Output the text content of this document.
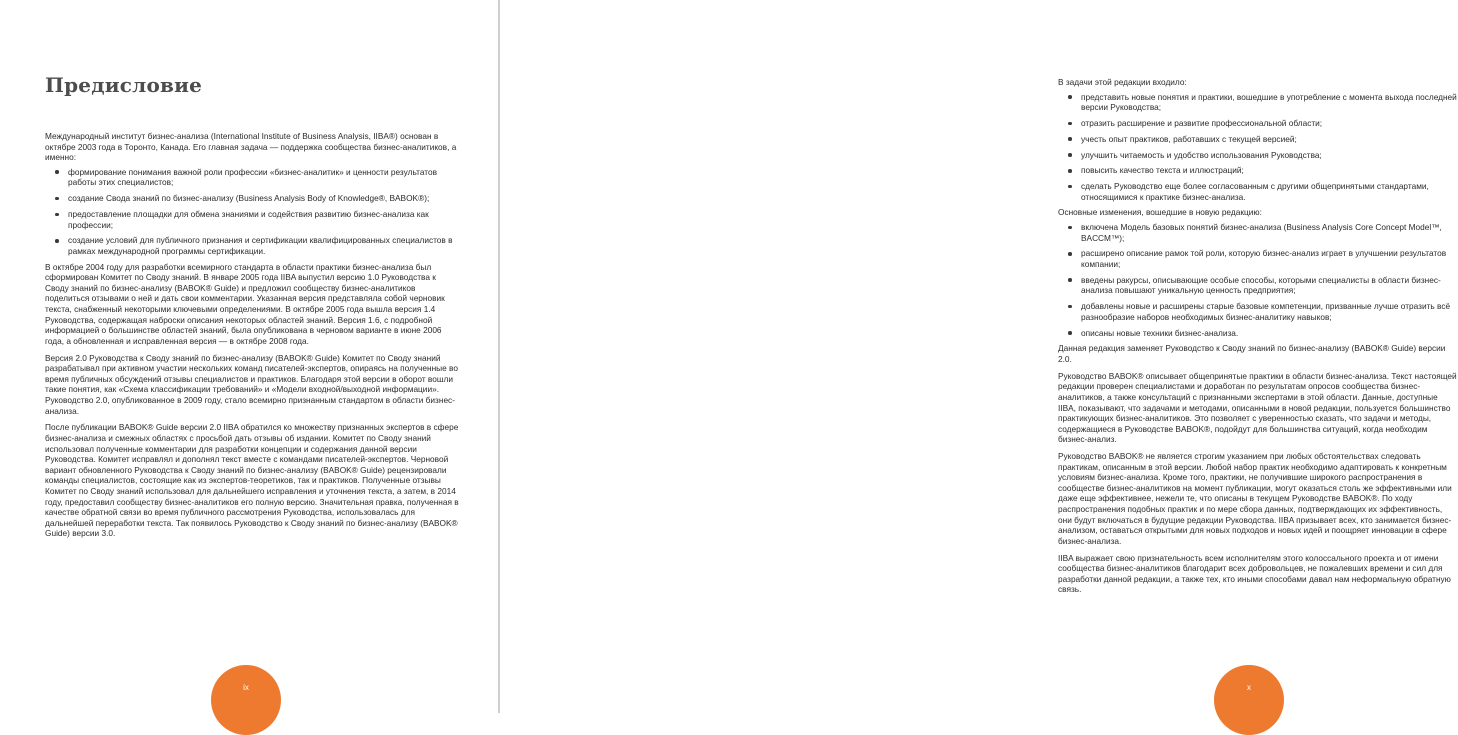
Предисловие

Международный институт бизнес-анализа (International Institute of Business Analysis, IIBA®) основан в октябре 2003 года в Торонто, Канада. Его главная задача — поддержка сообщества бизнес-аналитиков, а именно:

формирование понимания важной роли профессии «бизнес-аналитик» и ценности результатов работы этих специалистов;
создание Свода знаний по бизнес-анализу (Business Analysis Body of Knowledge®, BABOK®);
предоставление площадки для обмена знаниями и содействия развитию бизнес-анализа как профессии;
создание условий для публичного признания и сертификации квалифицированных специалистов в рамках международной программы сертификации.

В октябре 2004 году для разработки всемирного стандарта в области практики бизнес-анализа был сформирован Комитет по Своду знаний. В январе 2005 года IIBA выпустил версию 1.0 Руководства к Своду знаний по бизнес-анализу (BABOK® Guide) и предложил сообществу бизнес-аналитиков поделиться отзывами о ней и дать свои комментарии. Указанная версия представляла собой черновик текста, снабженный некоторыми ключевыми определениями. В октябре 2005 года вышла версия 1.4 Руководства, содержащая наброски описания некоторых областей знаний. Версия 1.6, с подробной информацией о большинстве областей знаний, была опубликована в черновом варианте в июне 2006 года, а обновленная и исправленная версия — в октябре 2008 года.

Версия 2.0 Руководства к Своду знаний по бизнес-анализу (BABOK® Guide) Комитет по Своду знаний разрабатывал при активном участии нескольких команд писателей-экспертов, опираясь на полученные во время публичных обсуждений отзывы специалистов и практиков. Благодаря этой версии в оборот вошли такие понятия, как «Схема классификации требований» и «Модели входной/выходной информации». Руководство 2.0, опубликованное в 2009 году, стало всемирно признанным стандартом в области бизнес-анализа.

После публикации BABOK® Guide версии 2.0 IIBA обратился ко множеству признанных экспертов в сфере бизнес-анализа и смежных областях с просьбой дать отзывы об издании. Комитет по Своду знаний использовал полученные комментарии для разработки концепции и содержания данной версии Руководства. Комитет исправлял и дополнял текст вместе с командами писателей-экспертов. Черновой вариант обновленного Руководства к Своду знаний по бизнес-анализу (BABOK® Guide) рецензировали команды специалистов, состоящие как из экспертов-теоретиков, так и практиков. Полученные отзывы Комитет по Своду знаний использовал для дальнейшего исправления и уточнения текста, а затем, в 2014 году, предоставил сообществу бизнес-аналитиков его полную версию. Значительная правка, полученная в качестве обратной связи во время публичного рассмотрения Руководства, использовалась для дальнейшей переработки текста. Так появилось Руководство к Своду знаний по бизнес-анализу (BABOK® Guide) версии 3.0.

ix

В задачи этой редакции входило:

представить новые понятия и практики, вошедшие в употребление с момента выхода последней версии Руководства;
отразить расширение и развитие профессиональной области;
учесть опыт практиков, работавших с текущей версией;
улучшить читаемость и удобство использования Руководства;
повысить качество текста и иллюстраций;
сделать Руководство еще более согласованным с другими общепринятыми стандартами, относящимися к практике бизнес-анализа.

Основные изменения, вошедшие в новую редакцию:

включена Модель базовых понятий бизнес-анализа (Business Analysis Core Concept Model™, BACCM™);
расширено описание рамок той роли, которую бизнес-анализ играет в улучшении результатов компании;
введены ракурсы, описывающие особые способы, которыми специалисты в области бизнес-анализа повышают уникальную ценность предприятия;
добавлены новые и расширены старые базовые компетенции, призванные лучше отразить всё разнообразие наборов необходимых бизнес-аналитику навыков;
описаны новые техники бизнес-анализа.

Данная редакция заменяет Руководство к Своду знаний по бизнес-анализу (BABOK® Guide) версии 2.0.

Руководство BABOK® описывает общепринятые практики в области бизнес-анализа. Текст настоящей редакции проверен специалистами и доработан по результатам опросов сообщества бизнес-аналитиков, а также консультаций с признанными экспертами в этой области. Данные, доступные IIBA, показывают, что задачами и методами, описанными в новой редакции, пользуется большинство практикующих бизнес-аналитиков. Это позволяет с уверенностью сказать, что задачи и методы, содержащиеся в Руководстве BABOK®, подойдут для большинства ситуаций, когда необходим бизнес-анализ.

Руководство BABOK® не является строгим указанием при любых обстоятельствах следовать практикам, описанным в этой версии. Любой набор практик необходимо адаптировать к конкретным условиям бизнес-анализа. Кроме того, практики, не получившие широкого распространения в сообществе бизнес-аналитиков на момент публикации, могут оказаться столь же эффективными или даже еще эффективнее, нежели те, что описаны в текущем Руководстве BABOK®. По ходу распространения подобных практик и по мере сбора данных, подтверждающих их эффективность, они будут включаться в будущие редакции Руководства. IIBA призывает всех, кто занимается бизнес-анализом, оставаться открытыми для новых подходов и новых идей и поощряет инновации в сфере бизнес-анализа.

IIBA выражает свою признательность всем исполнителям этого колоссального проекта и от имени сообщества бизнес-аналитиков благодарит всех добровольцев, не пожалевших времени и сил для разработки данной редакции, а также тех, кто иными способами давал нам неформальную обратную связь.

x
